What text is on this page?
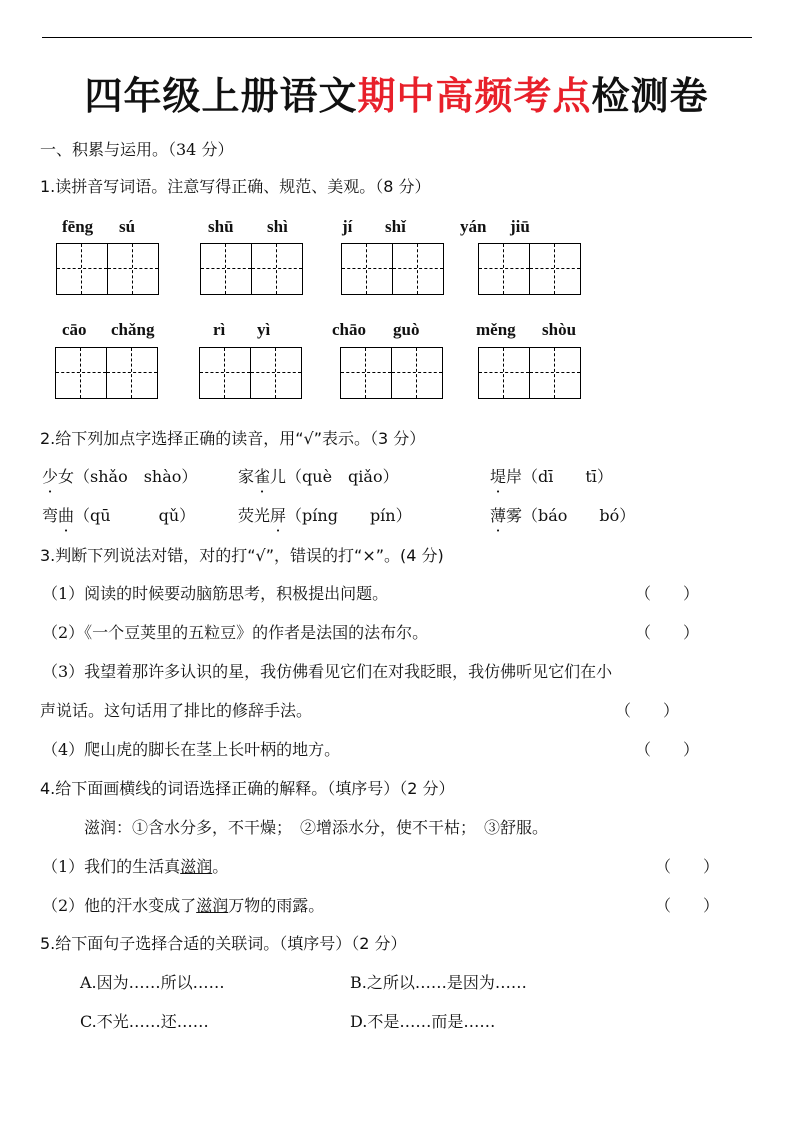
四年级上册语文期中高频考点检测卷
一、积累与运用。（34 分）
1.读拼音写词语。注意写得正确、规范、美观。（8 分）
fēng sú	shū shì	jí shǐ	yán jiū
cāo chǎng	rì yì	chāo guò	měng shòu
2.给下列加点字选择正确的读音，用“√”表示。（3 分）
少女（shǎo　shào）	家雀儿（què　qiǎo）	堤岸（dī　　tī）
弯曲（qū　　　qǔ）	荧光屏（píng　　pín）	薄雾（báo　　bó）
3.判断下列说法对错，对的打“√”，错误的打“×”。(4 分)
（1）阅读的时候要动脑筋思考，积极提出问题。	（　　）
（2）《一个豆荚里的五粒豆》的作者是法国的法布尔。	（　　）
（3）我望着那许多认识的星，我仿佛看见它们在对我眨眼，我仿佛听见它们在小
声说话。这句话用了排比的修辞手法。	（　　）
（4）爬山虎的脚长在茎上长叶柄的地方。	（　　）
4.给下面画横线的词语选择正确的解释。（填序号）（2 分）
滋润：①含水分多，不干燥；　②增添水分，使不干枯；　③舒服。
（1）我们的生活真滋润。	（　　）
（2）他的汗水变成了滋润万物的雨露。	（　　）
5.给下面句子选择合适的关联词。（填序号）（2 分）
A.因为……所以……	B.之所以……是因为……
C.不光……还……	D.不是……而是……
